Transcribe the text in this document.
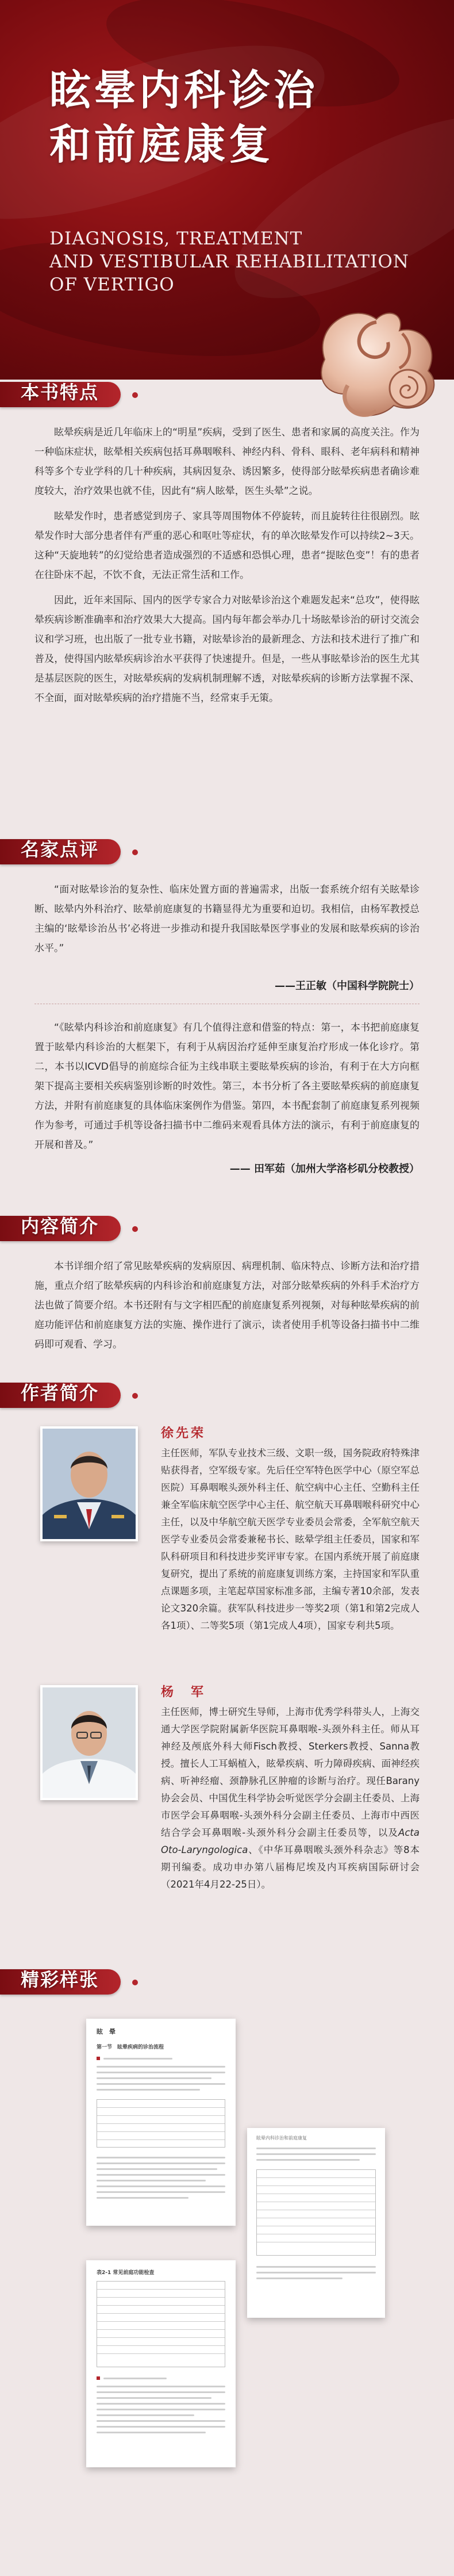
眩晕内科诊治
和前庭康复
DIAGNOSIS, TREATMENT
AND VESTIBULAR REHABILITATION
OF VERTIGO
本书特点

眩晕疾病是近几年临床上的“明星”疾病，受到了医生、患者和家属的高度关注。作为一种临床症状，眩晕相关疾病包括耳鼻咽喉科、神经内科、骨科、眼科、老年病科和精神科等多个专业学科的几十种疾病，其病因复杂、诱因繁多，使得部分眩晕疾病患者确诊难度较大，治疗效果也就不佳，因此有“病人眩晕，医生头晕”之说。

眩晕发作时，患者感觉到房子、家具等周围物体不停旋转，而且旋转往往很剧烈。眩晕发作时大部分患者伴有严重的恶心和呕吐等症状，有的单次眩晕发作可以持续2~3天。这种“天旋地转”的幻觉给患者造成强烈的不适感和恐惧心理，患者“提眩色变”！有的患者在往卧床不起，不饮不食，无法正常生活和工作。

因此，近年来国际、国内的医学专家合力对眩晕诊治这个难题发起来“总攻”，使得眩晕疾病诊断准确率和治疗效果大大提高。国内每年都会举办几十场眩晕诊治的研讨交流会议和学习班，也出版了一批专业书籍，对眩晕诊治的最新理念、方法和技术进行了推广和普及，使得国内眩晕疾病诊治水平获得了快速提升。但是，一些从事眩晕诊治的医生尤其是基层医院的医生，对眩晕疾病的发病机制理解不透，对眩晕疾病的诊断方法掌握不深、不全面，面对眩晕疾病的治疗措施不当，经常束手无策。

名家点评

“面对眩晕诊治的复杂性、临床处置方面的普遍需求，出版一套系统介绍有关眩晕诊断、眩晕内外科治疗、眩晕前庭康复的书籍显得尤为重要和迫切。我相信，由杨军教授总主编的‘眩晕诊治丛书’必将进一步推动和提升我国眩晕医学事业的发展和眩晕疾病的诊治水平。”

——王正敏（中国科学院院士）

“《眩晕内科诊治和前庭康复》有几个值得注意和借鉴的特点：第一，本书把前庭康复置于眩晕内科诊治的大框架下，有利于从病因治疗延伸至康复治疗形成一体化诊疗。第二，本书以ICVD倡导的前庭综合征为主线串联主要眩晕疾病的诊治，有利于在大方向框架下提高主要相关疾病鉴别诊断的时效性。第三，本书分析了各主要眩晕疾病的前庭康复方法，并附有前庭康复的具体临床案例作为借鉴。第四，本书配套制了前庭康复系列视频作为参考，可通过手机等设备扫描书中二维码来观看具体方法的演示，有利于前庭康复的开展和普及。”

—— 田军茹（加州大学洛杉矶分校教授）
内容简介

本书详细介绍了常见眩晕疾病的发病原因、病理机制、临床特点、诊断方法和治疗措施，重点介绍了眩晕疾病的内科诊治和前庭康复方法，对部分眩晕疾病的外科手术治疗方法也做了简要介绍。本书还附有与文字相匹配的前庭康复系列视频，对每种眩晕疾病的前庭功能评估和前庭康复方法的实施、操作进行了演示，读者使用手机等设备扫描书中二维码即可观看、学习。

作者简介
徐先荣
主任医师，军队专业技术三级、文职一级，国务院政府特殊津贴获得者，空军级专家。先后任空军特色医学中心（原空军总医院）耳鼻咽喉头颈外科主任、航空病中心主任、空勤科主任兼全军临床航空医学中心主任、航空航天耳鼻咽喉科研究中心主任，以及中华航空航天医学专业委员会常委，全军航空航天医学专业委员会常委兼秘书长、眩晕学组主任委员，国家和军队科研项目和科技进步奖评审专家。在国内系统开展了前庭康复研究，提出了系统的前庭康复训练方案，主持国家和军队重点课题多项，主笔起草国家标准多部，主编专著10余部，发表论文320余篇。获军队科技进步一等奖2项（第1和第2完成人各1项）、二等奖5项（第1完成人4项），国家专利共5项。
杨　军
主任医师，博士研究生导师，上海市优秀学科带头人，上海交通大学医学院附属新华医院耳鼻咽喉-头颈外科主任。师从耳神经及颅底外科大师Fisch教授、Sterkers教授、Sanna教授。擅长人工耳蜗植入，眩晕疾病、听力障碍疾病、面神经疾病、听神经瘤、颈静脉孔区肿瘤的诊断与治疗。现任Barany协会会员、中国优生科学协会听觉医学分会副主任委员、上海市医学会耳鼻咽喉-头颈外科分会副主任委员、上海市中西医结合学会耳鼻咽喉-头颈外科分会副主任委员等，以及Acta Oto-Laryngologica、《中华耳鼻咽喉头颈外科杂志》等8本期刊编委。成功申办第八届梅尼埃及内耳疾病国际研讨会（2021年4月22-25日）。
精彩样张
眩　晕
第一节　眩晕疾病的诊治流程
眩晕内科诊治和前庭康复
表2-1 常见前庭功能检查
